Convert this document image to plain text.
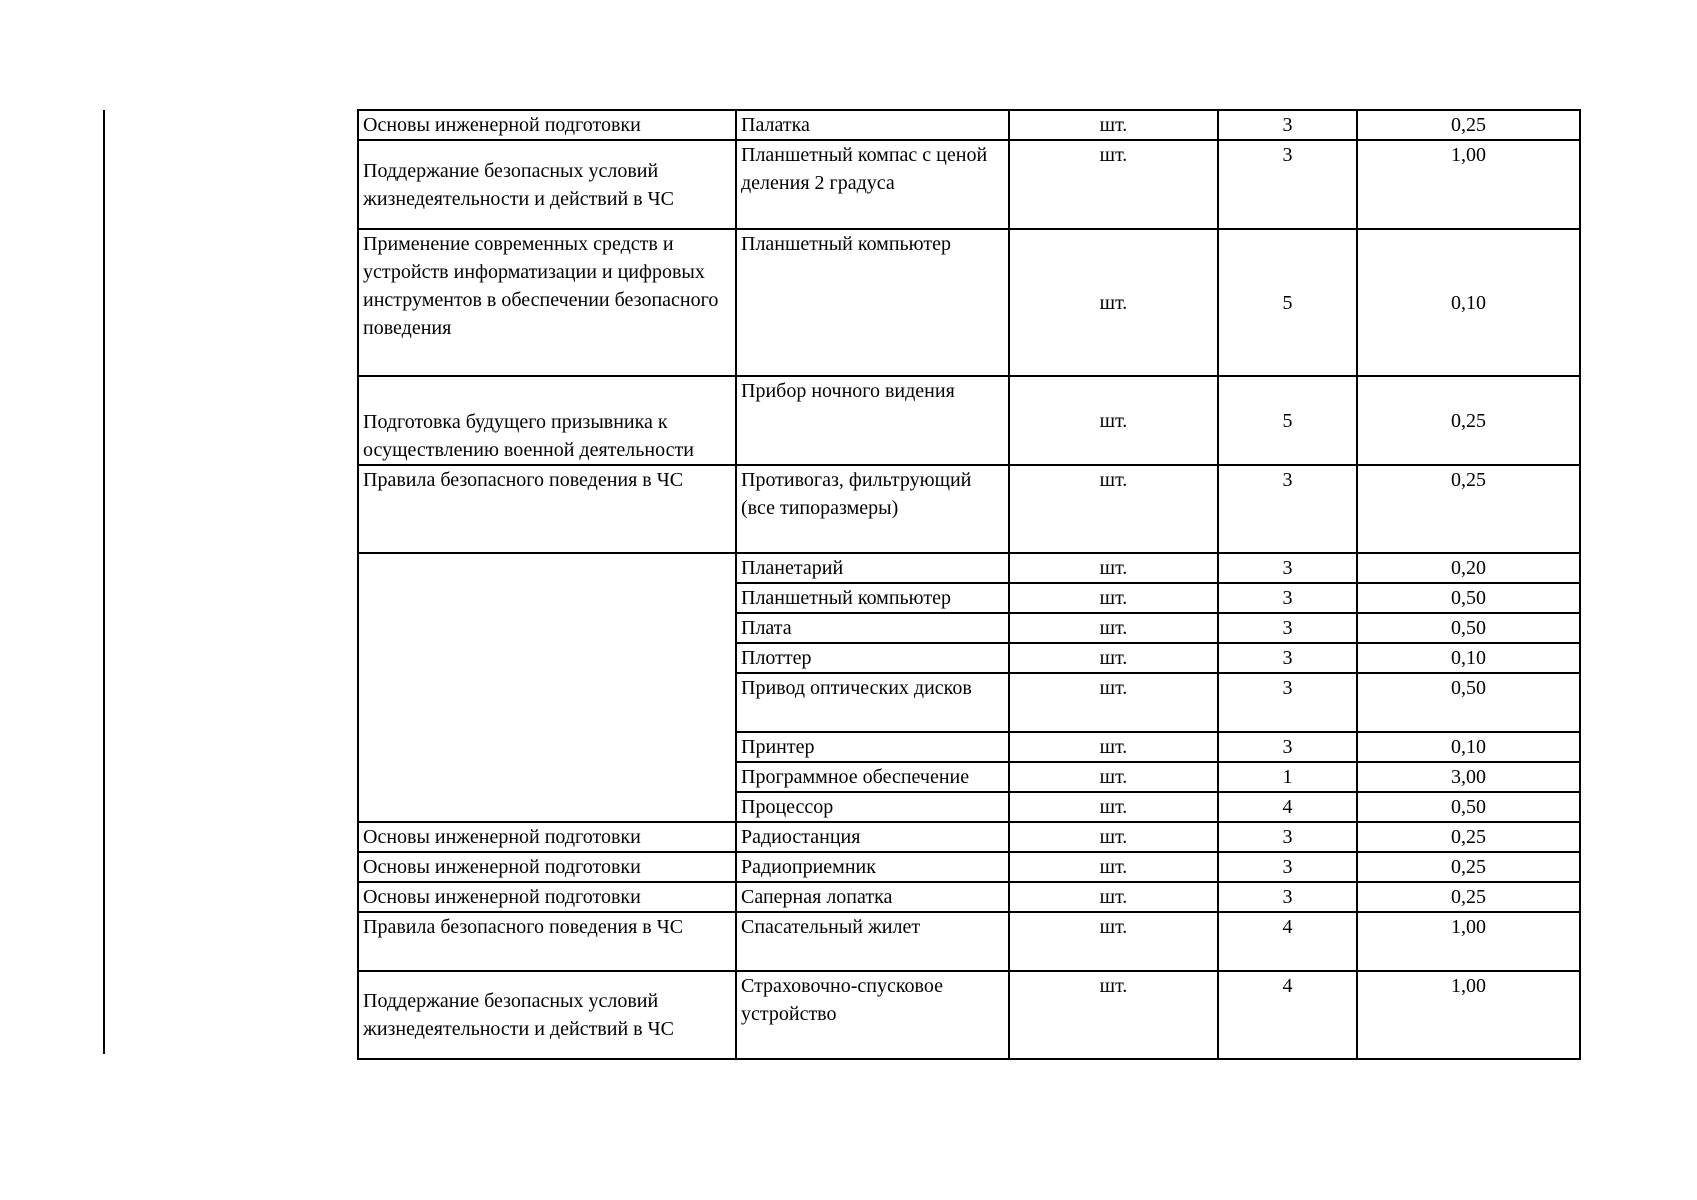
Основы инженерной подготовки	Палатка	шт.	3	0,25
Поддержание безопасных условий жизнедеятельности и действий в ЧС	Планшетный компас с ценой деления 2 градуса	шт.	3	1,00
Применение современных средств и устройств информатизации и цифровых инструментов в обеспечении безопасного поведения	Планшетный компьютер	шт.	5	0,10
Подготовка будущего призывника к осуществлению военной деятельности	Прибор ночного видения	шт.	5	0,25
Правила безопасного поведения в ЧС	Противогаз, фильтрующий (все типоразмеры)	шт.	3	0,25
	Планетарий	шт.	3	0,20
	Планшетный компьютер	шт.	3	0,50
	Плата	шт.	3	0,50
	Плоттер	шт.	3	0,10
	Привод оптических дисков	шт.	3	0,50
	Принтер	шт.	3	0,10
	Программное обеспечение	шт.	1	3,00
	Процессор	шт.	4	0,50
Основы инженерной подготовки	Радиостанция	шт.	3	0,25
Основы инженерной подготовки	Радиоприемник	шт.	3	0,25
Основы инженерной подготовки	Саперная лопатка	шт.	3	0,25
Правила безопасного поведения в ЧС	Спасательный жилет	шт.	4	1,00
Поддержание безопасных условий жизнедеятельности и действий в ЧС	Страховочно-спусковое устройство	шт.	4	1,00
